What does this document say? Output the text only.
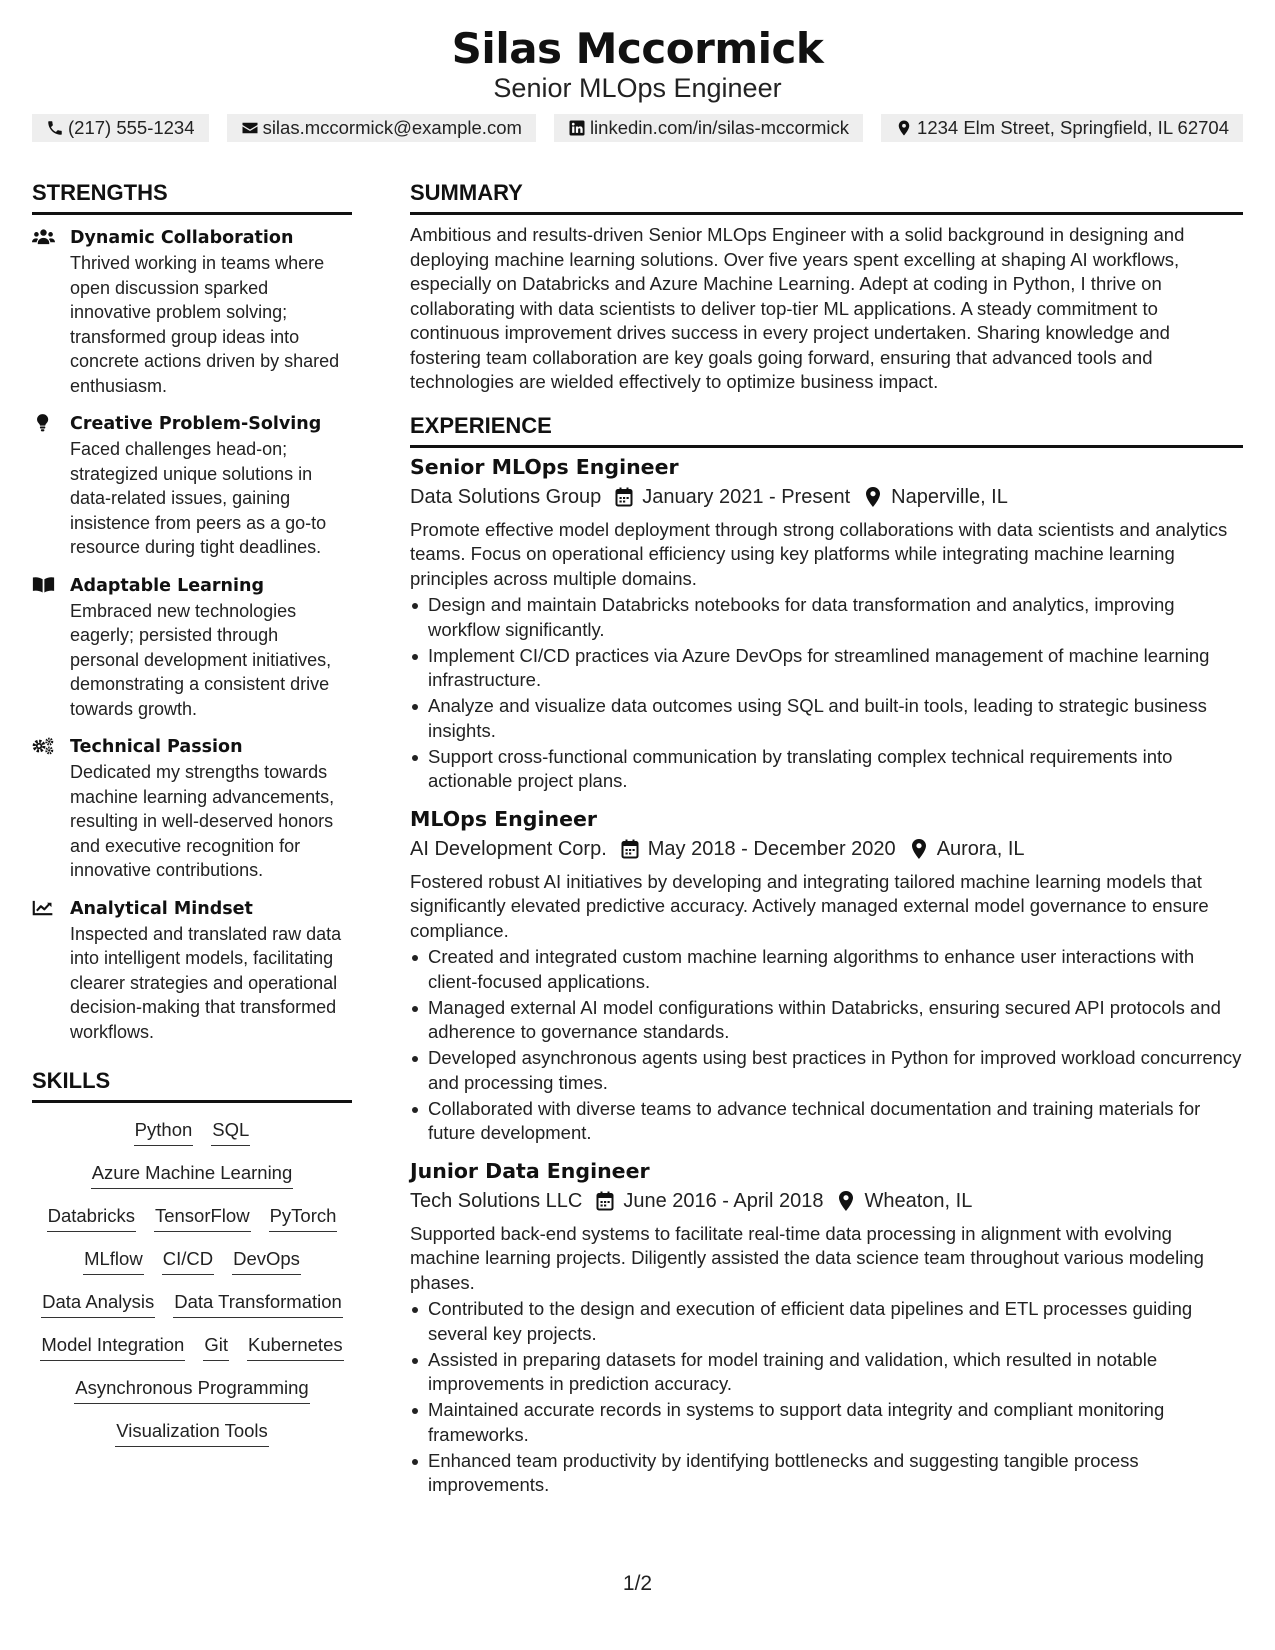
Silas Mccormick
Senior MLOps Engineer
(217) 555-1234	silas.mccormick@example.com	linkedin.com/in/silas-mccormick	1234 Elm Street, Springfield, IL 62704
STRENGTHS
Dynamic Collaboration
Thrived working in teams where open discussion sparked innovative problem solving; transformed group ideas into concrete actions driven by shared enthusiasm.
Creative Problem-Solving
Faced challenges head-on; strategized unique solutions in data-related issues, gaining insistence from peers as a go-to resource during tight deadlines.
Adaptable Learning
Embraced new technologies eagerly; persisted through personal development initiatives, demonstrating a consistent drive towards growth.
Technical Passion
Dedicated my strengths towards machine learning advancements, resulting in well-deserved honors and executive recognition for innovative contributions.
Analytical Mindset
Inspected and translated raw data into intelligent models, facilitating clearer strategies and operational decision-making that transformed workflows.
SKILLS
Python SQL
Azure Machine Learning
Databricks TensorFlow PyTorch
MLflow CI/CD DevOps
Data Analysis Data Transformation
Model Integration Git Kubernetes
Asynchronous Programming
Visualization Tools
SUMMARY
Ambitious and results-driven Senior MLOps Engineer with a solid background in designing and deploying machine learning solutions. Over five years spent excelling at shaping AI workflows, especially on Databricks and Azure Machine Learning. Adept at coding in Python, I thrive on collaborating with data scientists to deliver top-tier ML applications. A steady commitment to continuous improvement drives success in every project undertaken. Sharing knowledge and fostering team collaboration are key goals going forward, ensuring that advanced tools and technologies are wielded effectively to optimize business impact.
EXPERIENCE
Senior MLOps Engineer
Data Solutions Group January 2021 - Present Naperville, IL
Promote effective model deployment through strong collaborations with data scientists and analytics teams. Focus on operational efficiency using key platforms while integrating machine learning principles across multiple domains.
Design and maintain Databricks notebooks for data transformation and analytics, improving workflow significantly.
Implement CI/CD practices via Azure DevOps for streamlined management of machine learning infrastructure.
Analyze and visualize data outcomes using SQL and built-in tools, leading to strategic business insights.
Support cross-functional communication by translating complex technical requirements into actionable project plans.
MLOps Engineer
AI Development Corp. May 2018 - December 2020 Aurora, IL
Fostered robust AI initiatives by developing and integrating tailored machine learning models that significantly elevated predictive accuracy. Actively managed external model governance to ensure compliance.
Created and integrated custom machine learning algorithms to enhance user interactions with client-focused applications.
Managed external AI model configurations within Databricks, ensuring secured API protocols and adherence to governance standards.
Developed asynchronous agents using best practices in Python for improved workload concurrency and processing times.
Collaborated with diverse teams to advance technical documentation and training materials for future development.
Junior Data Engineer
Tech Solutions LLC June 2016 - April 2018 Wheaton, IL
Supported back-end systems to facilitate real-time data processing in alignment with evolving machine learning projects. Diligently assisted the data science team throughout various modeling phases.
Contributed to the design and execution of efficient data pipelines and ETL processes guiding several key projects.
Assisted in preparing datasets for model training and validation, which resulted in notable improvements in prediction accuracy.
Maintained accurate records in systems to support data integrity and compliant monitoring frameworks.
Enhanced team productivity by identifying bottlenecks and suggesting tangible process improvements.
1/2
